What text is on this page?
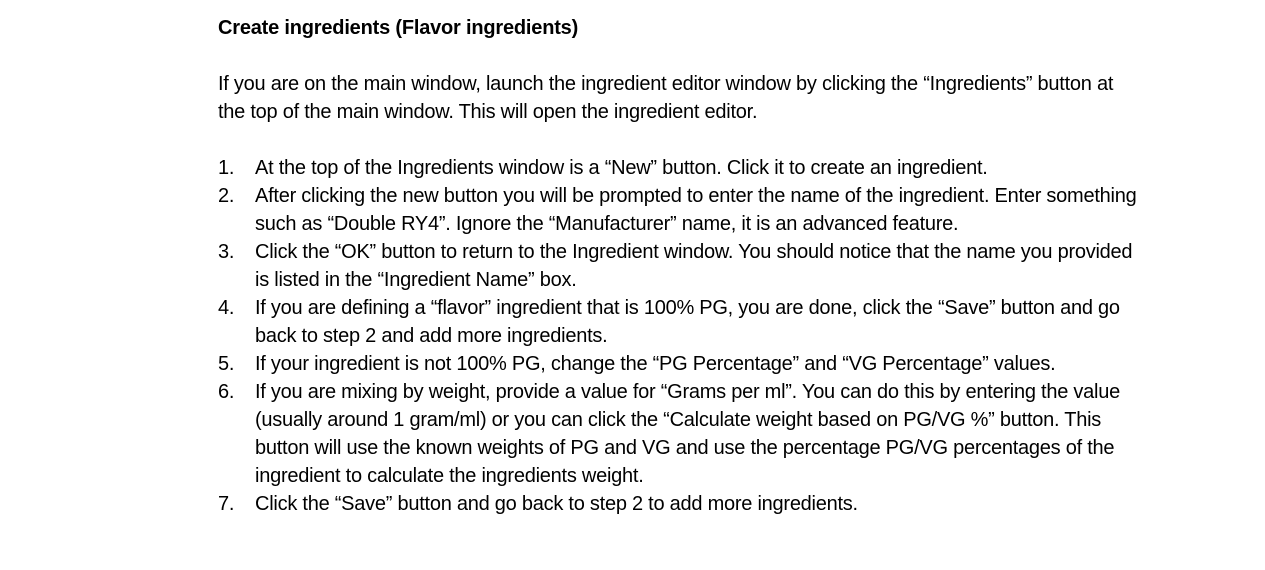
Create ingredients (Flavor ingredients)

If you are on the main window, launch the ingredient editor window by clicking the “Ingredients” button at the top of the main window. This will open the ingredient editor.

1.	At the top of the Ingredients window is a “New” button. Click it to create an ingredient.
2.	After clicking the new button you will be prompted to enter the name of the ingredient. Enter something such as “Double RY4”. Ignore the “Manufacturer” name, it is an advanced feature.
3.	Click the “OK” button to return to the Ingredient window. You should notice that the name you provided is listed in the “Ingredient Name” box.
4.	If you are defining a “flavor” ingredient that is 100% PG, you are done, click the “Save” button and go back to step 2 and add more ingredients.
5.	If your ingredient is not 100% PG, change the “PG Percentage” and “VG Percentage” values.
6.	If you are mixing by weight, provide a value for “Grams per ml”. You can do this by entering the value (usually around 1 gram/ml) or you can click the “Calculate weight based on PG/VG %” button. This button will use the known weights of PG and VG and use the percentage PG/VG percentages of the ingredient to calculate the ingredients weight.
7.	Click the “Save” button and go back to step 2 to add more ingredients.
